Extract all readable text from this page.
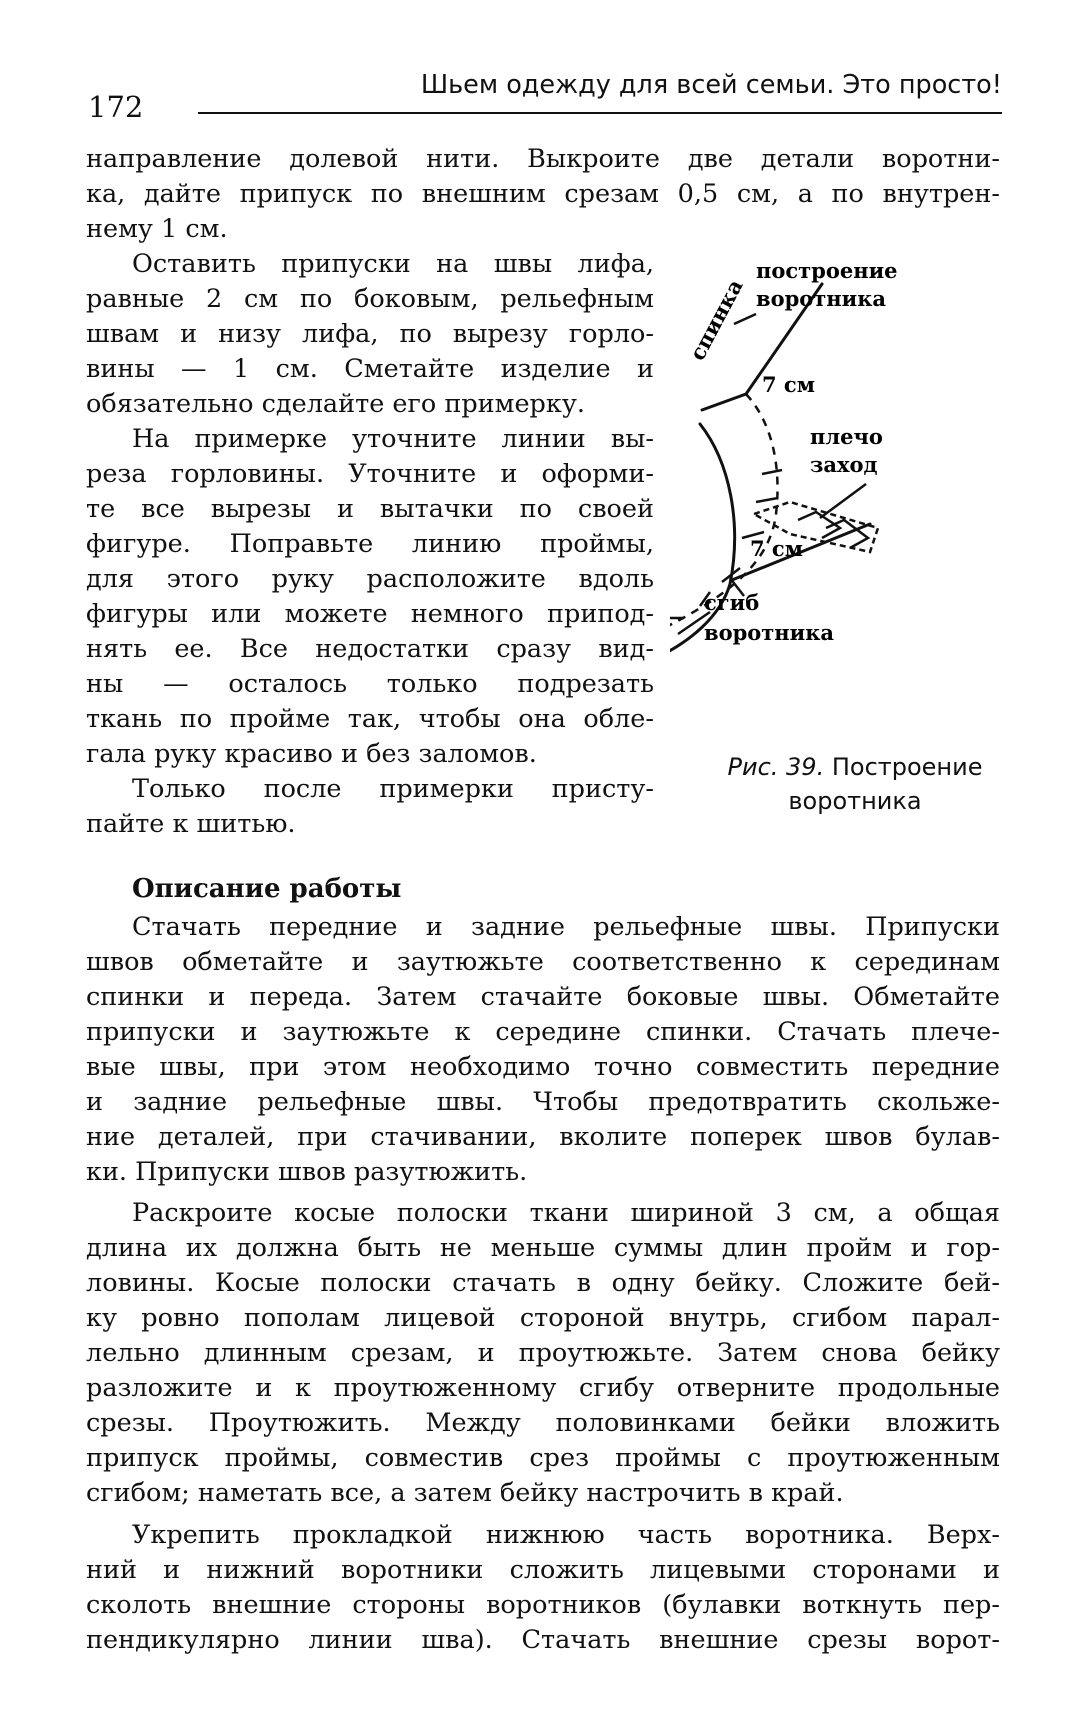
172
Шьем одежду для всей семьи. Это просто!
направление долевой нити. Выкроите две детали воротни-
ка, дайте припуск по внешним срезам 0,5 см, а по внутрен-
нему 1 см.
Оставить припуски на швы лифа,
равные 2 см по боковым, рельефным
швам и низу лифа, по вырезу горло-
вины — 1 см. Сметайте изделие и
обязательно сделайте его примерку.
На примерке уточните линии вы-
реза горловины. Уточните и оформи-
те все вырезы и вытачки по своей
фигуре. Поправьте линию проймы,
для этого руку расположите вдоль
фигуры или можете немного припод-
нять ее. Все недостатки сразу вид-
ны — осталось только подрезать
ткань по пройме так, чтобы она обле-
гала руку красиво и без заломов.
Только после примерки присту-
пайте к шитью.
спинка
построение
воротника
7 см
плечо
заход
7 см
сгиб
воротника
Рис. 39. Построение
воротника
Описание работы
Стачать передние и задние рельефные швы. Припуски
швов обметайте и заутюжьте соответственно к серединам
спинки и переда. Затем стачайте боковые швы. Обметайте
припуски и заутюжьте к середине спинки. Стачать плече-
вые швы, при этом необходимо точно совместить передние
и задние рельефные швы. Чтобы предотвратить скольже-
ние деталей, при стачивании, вколите поперек швов булав-
ки. Припуски швов разутюжить.
Раскроите косые полоски ткани шириной 3 см, а общая
длина их должна быть не меньше суммы длин пройм и гор-
ловины. Косые полоски стачать в одну бейку. Сложите бей-
ку ровно пополам лицевой стороной внутрь, сгибом парал-
лельно длинным срезам, и проутюжьте. Затем снова бейку
разложите и к проутюженному сгибу отверните продольные
срезы. Проутюжить. Между половинками бейки вложить
припуск проймы, совместив срез проймы с проутюженным
сгибом; наметать все, а затем бейку настрочить в край.
Укрепить прокладкой нижнюю часть воротника. Верх-
ний и нижний воротники сложить лицевыми сторонами и
сколоть внешние стороны воротников (булавки воткнуть пер-
пендикулярно линии шва). Стачать внешние срезы ворот-
